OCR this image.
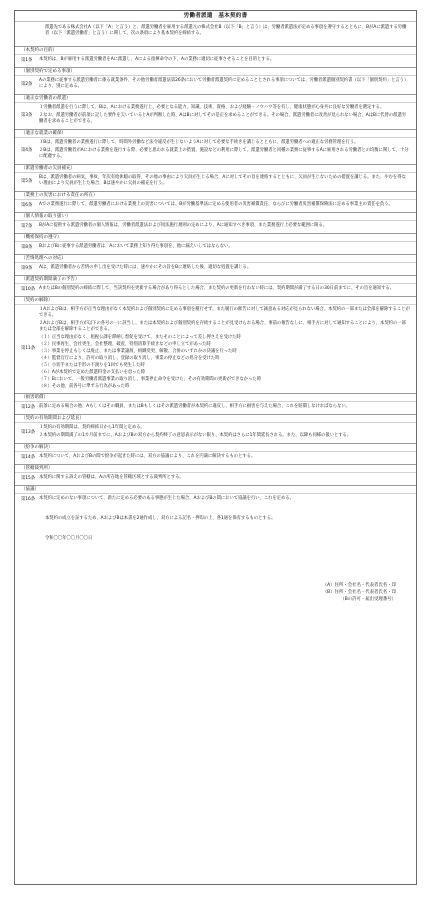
労働者派遣　基本契約書
派遣先である株式会社A（以下「A」と言う）と、派遣労働者を雇用する派遣元の株式会社B（以下「B」と言う）は、労働者派遣法が定める事項を遵守するとともに、BがAに派遣する労働者（以下「派遣労働者」と言う）に関して、次の条項により基本契約を締結する。
（本契約の目的）
第1条	本契約は、Bが雇用する派遣労働者をAに派遣し、Aによる指揮命令の下、Aの業務に適切に従事させることを目的とする。

（個別契約で定める事項）
第2条

Aの業務に従事する派遣労働者に係る就業条件、その他労働者派遣法第26条において労働者派遣契約に定めることとされる事項については、労働者派遣個別契約書（以下「個別契約」と言う）により、別に定める。

（適正な労働者の派遣）
第3条

１労働者派遣を行うに際して、Bは、Aにおける業務遂行上、必要となる能力、知識、技術、資格、および経験・ノウハウ等を有し、健康状態が心身共に良好な労働者を選定する。

２なお、派遣労働者が前項に記した要件を欠いているとAが判断した時、AはBに対してその是正を求めることができる。その場合、派遣労働者に改善が見られない場合、AはBに代替の派遣労働者を求めることができる。

（適正な就業の確保）
第4条

１Bは、派遣労働者の業務遂行に際して、時間外労働など法令違反が生じないようAに対して必要な手続きを講じるとともに、派遣労働者への適正な労務管理を行う。

２Bは、派遣労働者がAにおける業務を遂行する際、必要と思われる就業上の措置、施設などの利用に際して、派遣労働者と同種の業務に従事するAに雇用される労働者との均衡に関して、十分に配慮する。

（派遣労働者の欠員補充）
第5条

Bは、派遣労働者の病気、事故、年次有給休暇の取得、その他の事由により欠員が生じる場合、Aに対してその旨を連絡するとともに、欠員が生じないための措置を講じる。また、やむを得ない理由により欠員が生じた場合、Bは速やかに欠員の補充を行う。

（業務上の災害における責任の所在）
第6条	Aでの業務遂行に際して、派遣労働者における業務上の災害については、Bが労働基準法に定める使用者の災害補償責任、ならびに労働者災害補償保険法に定める事業主の責任を負う。

（個人情報の取り扱い）
第7条	BがAに提供する派遣労働者の個人情報は、労働者派遣法および同法施行規則の定めにより、Aに通知すべき事項、また業務遂行上必要な範囲に限る。

（機密保持の遵守）
第8条	BおよびBに従事する派遣労働者は、Aにおいて業務上知り得た事項を、他に漏えいしてはならない。

（苦情処理への対応）
第9条	Aは、派遣労働者から苦情の申し出を受けた時には、速やかにその旨をBに連絡した後、適切な処置を講じる。

（派遣契約期間満了の予告）
第10条 AまたはBの個別契約の締結に際して、当該契約を更新する場合があり得るとした場合、また契約の更新を行わない時には、契約期間が満了する日の30日前までに、その旨を通知する。

（契約の解除）
第11条

１AおよびBは、相手方が正当な理由がなく本契約および個別契約に定める事項を履行せず、また履行の催告に対して誠意ある対応が見られない場合、本契約の一部または全部を解除することができる。

２AおよびBは、相手方が以下の各号の一に該当し、または本契約および個別契約を存続することが見受けられる場合、事前の催告なしに、相手方に対して通知することにより、本契約の一部または全部を解除することができる。

（１）正当な理由がなく、租税公課を滞納し督促を受けて、またそのことによって差し押さえを受けた時
（２）民事再生、会社更生、会社整理、破産、特別清算手続きなどの申し立てがあった時
（３）事業を停止もしくは廃止、または事業譲渡、組織変更、解散、合併のいずれかの決議を行った時
（４）監督官庁により、許可の取り消し、登録の取り消し、事業の停止などの処分を受けた時
（５）小切手または手形の不渡りを1回でも発生した時
（６）Aが本契約で定めた派遣料金の支払いを怠った時
（７）Bにおいて、一般労働者派遣事業の取り消し、事業停止命令を受けた、その有効期間の更新ができなかった時
（８）その他、前各号に準ずる行為があった時
（損害賠償）
第12条 前条に定める場合の他、Aもしくはその職員、またはBもしくはその派遣労働者が本契約に違反し、相手方に損害を与えた場合、これを賠償しなければならない。

（契約の有効期間および延長）
第13条

１契約の有効期間は、契約締結日から1年間と定める。

２本契約の期間満了の1カ月前までに、AおよびBの双方から契約終了の意思表示がない限り、本契約はさらに1年間延長される。また、以降も同様の扱いとする。

（紛争の解決）
第14条 本契約について、AおよびBの間で紛争が起きた時には、双方の協議により、これを円満に解決するものとする。

（管轄裁判所）
第15条 本契約に関する訴えの管轄は、Aの所在地を管轄区域とする裁判所とする。

（協議）
第16条 本契約に定めのない事項について、新たに定める必要のある事態が生じた場合、AおよびBの間において協議を行い、これを定める。

本契約の成立を証するため、AおよびBは本書を2通作成し、双方による記名・押印の上、各1通を保有するものとする。
令和〇〇年〇〇月〇〇日
（A）住所・会社名・代表者氏名・印
（B）住所・会社名・代表者氏名・印
（Bの許可・届出受理番号）
